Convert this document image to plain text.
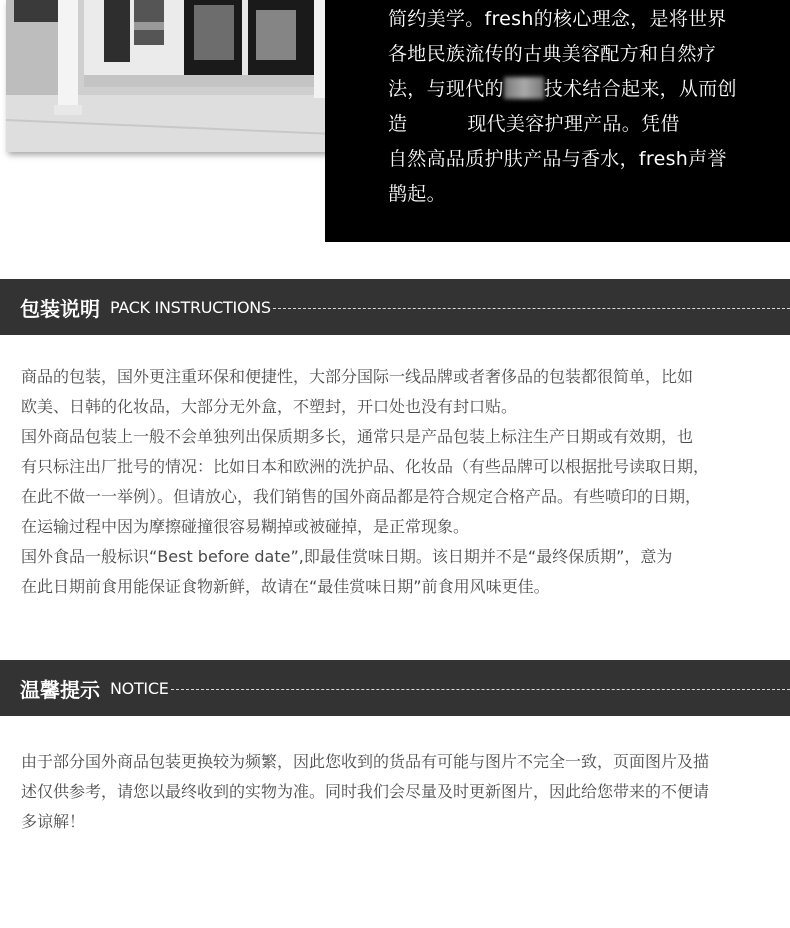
简约美学。fresh的核心理念，是将世界
各地民族流传的古典美容配方和自然疗
法，与现代的 技术结合起来，从而创
造	现代美容护理产品。凭借
自然高品质护肤产品与香水，fresh声誉
鹊起。
包装说明 PACK INSTRUCTIONS
商品的包装，国外更注重环保和便捷性，大部分国际一线品牌或者奢侈品的包装都很简单，比如
欧美、日韩的化妆品，大部分无外盒，不塑封，开口处也没有封口贴。
国外商品包装上一般不会单独列出保质期多长，通常只是产品包装上标注生产日期或有效期，也
有只标注出厂批号的情况：比如日本和欧洲的洗护品、化妆品（有些品牌可以根据批号读取日期，
在此不做一一举例）。但请放心，我们销售的国外商品都是符合规定合格产品。有些喷印的日期，
在运输过程中因为摩擦碰撞很容易糊掉或被碰掉，是正常现象。
国外食品一般标识“Best before date”,即最佳赏味日期。该日期并不是“最终保质期”，意为
在此日期前食用能保证食物新鲜，故请在“最佳赏味日期”前食用风味更佳。
温馨提示 NOTICE
由于部分国外商品包装更换较为频繁，因此您收到的货品有可能与图片不完全一致，页面图片及描
述仅供参考，请您以最终收到的实物为准。同时我们会尽量及时更新图片，因此给您带来的不便请
多谅解！
